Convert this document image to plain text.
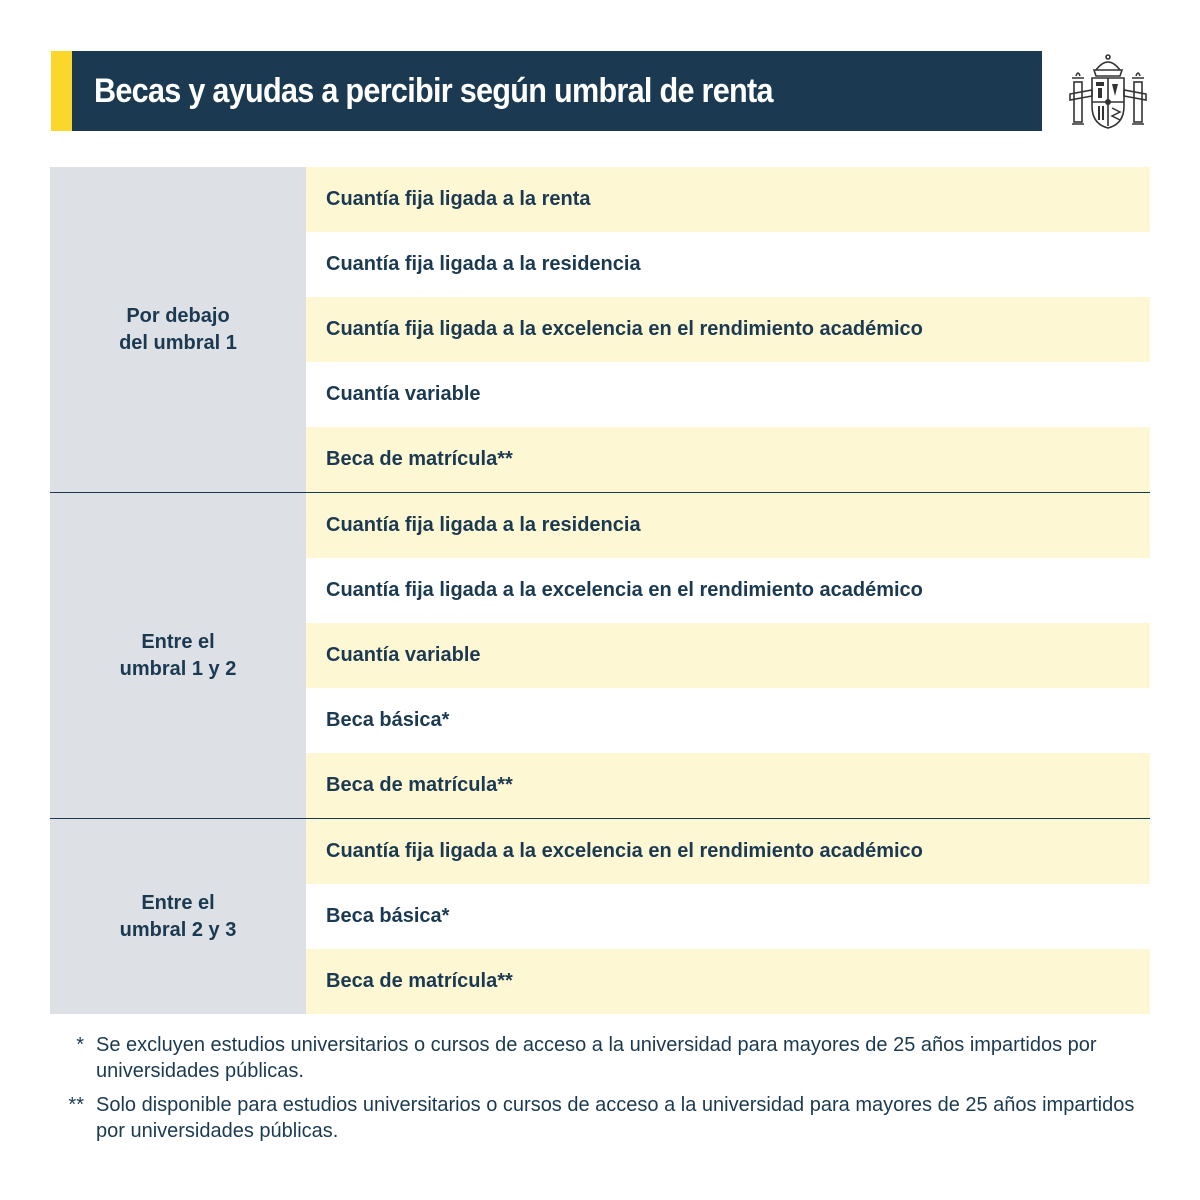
Becas y ayudas a percibir según umbral de renta
Por debajo
del umbral 1
Cuantía fija ligada a la renta
Cuantía fija ligada a la residencia
Cuantía fija ligada a la excelencia en el rendimiento académico
Cuantía variable
Beca de matrícula**
Entre el
umbral 1 y 2
Cuantía fija ligada a la residencia
Cuantía fija ligada a la excelencia en el rendimiento académico
Cuantía variable
Beca básica*
Beca de matrícula**
Entre el
umbral 2 y 3
Cuantía fija ligada a la excelencia en el rendimiento académico
Beca básica*
Beca de matrícula**
* Se excluyen estudios universitarios o cursos de acceso a la universidad para mayores de 25 años impartidos por universidades públicas.
** Solo disponible para estudios universitarios o cursos de acceso a la universidad para mayores de 25 años impartidos por universidades públicas.
